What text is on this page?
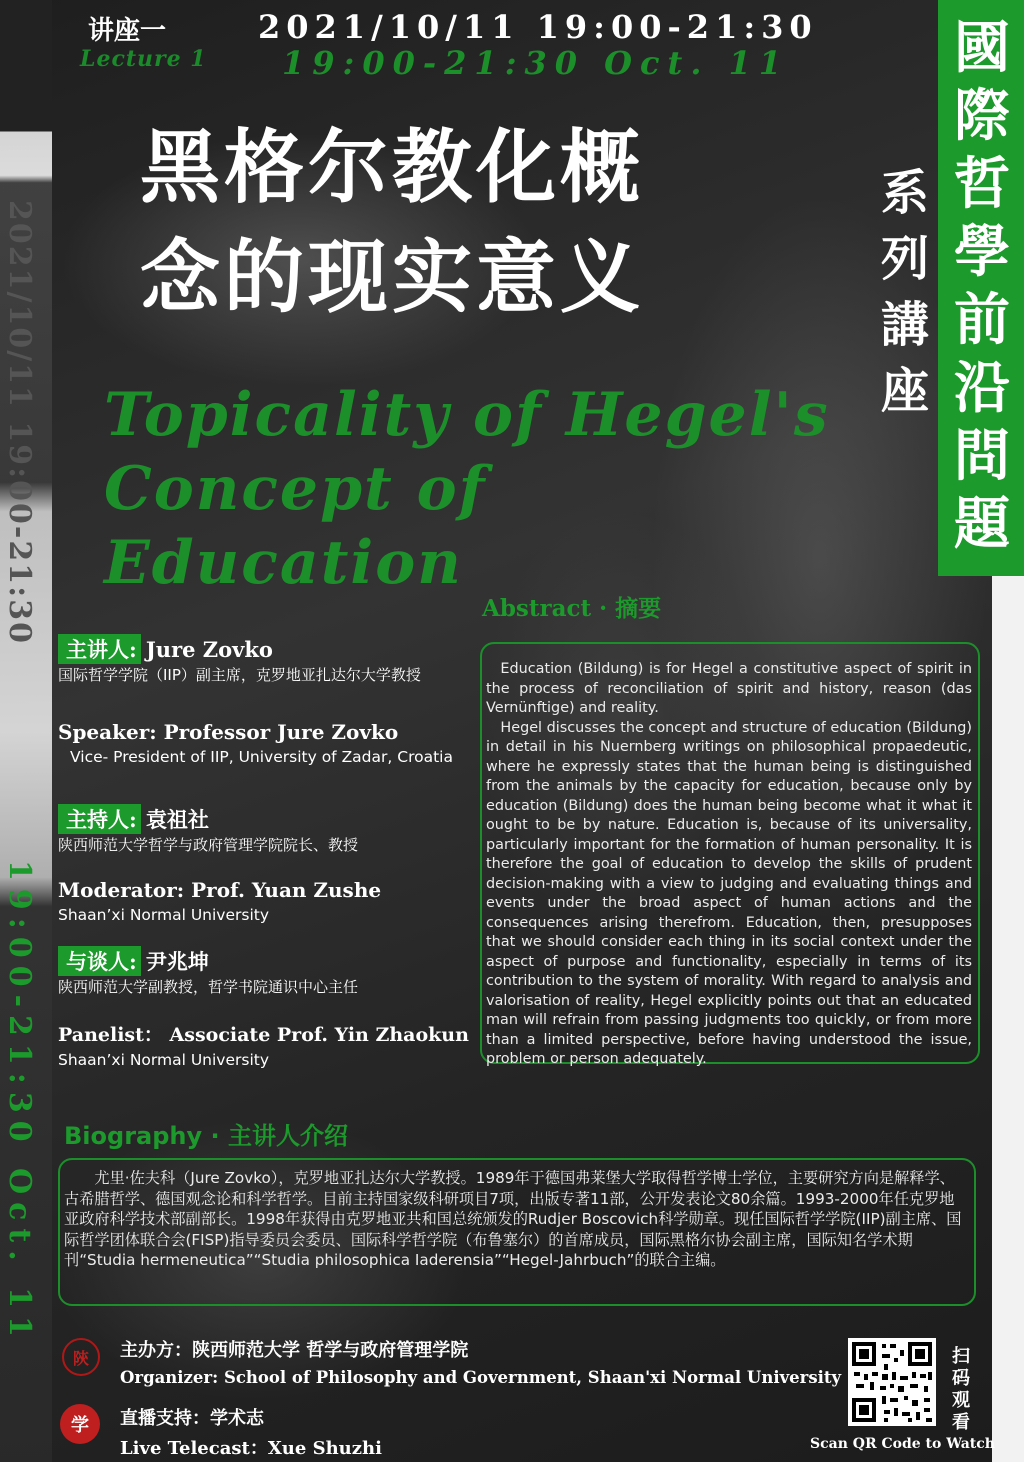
2021/10/11 19:00-21:30
19:00-21:30 Oct. 11
讲座一
Lecture 1
2021/10/11 19:00-21:30
19:00-21:30 Oct. 11
黑格尔教化概
念的现实意义
Topicality of Hegel's
Concept of Education
國
際
哲
學
前
沿
問
題
系
列
講
座
主讲人: Jure Zovko
国际哲学学院（IIP）副主席，克罗地亚扎达尔大学教授
Speaker: Professor Jure Zovko
Vice- President of IIP, University of Zadar, Croatia
主持人: 袁祖社
陕西师范大学哲学与政府管理学院院长、教授
Moderator: Prof. Yuan Zushe
Shaan’xi Normal University
与谈人: 尹兆坤
陕西师范大学副教授，哲学书院通识中心主任
Panelist： Associate Prof. Yin Zhaokun
Shaan’xi Normal University
Abstract · 摘要

Education (Bildung) is for Hegel a constitutive aspect of spirit in the process of reconciliation of spirit and history, reason (das Vernünftige) and reality.

Hegel discusses the concept and structure of education (Bildung) in detail in his Nuernberg writings on philosophical propaedeutic, where he expressly states that the human being is distinguished from the animals by the capacity for education, because only by education (Bildung) does the human being become what it what it ought to be by nature. Education is, because of its universality, particularly important for the formation of human personality. It is therefore the goal of education to develop the skills of prudent decision-making with a view to judging and evaluating things and events under the broad aspect of human actions and the consequences arising therefrom. Education, then, presupposes that we should consider each thing in its social context under the aspect of purpose and functionality, especially in terms of its contribution to the system of morality. With regard to analysis and valorisation of reality, Hegel explicitly points out that an educated man will refrain from passing judgments too quickly, or from more than a limited perspective, before having understood the issue, problem or person adequately.

Biography · 主讲人介绍

尤里·佐夫科（Jure Zovko），克罗地亚扎达尔大学教授。1989年于德国弗莱堡大学取得哲学博士学位，主要研究方向是解释学、古希腊哲学、德国观念论和科学哲学。目前主持国家级科研项目7项，出版专著11部，公开发表论文80余篇。1993-2000年任克罗地亚政府科学技术部副部长。1998年获得由克罗地亚共和国总统颁发的Rudjer Boscovich科学勋章。现任国际哲学学院(IIP)副主席、国际哲学团体联合会(FISP)指导委员会委员、国际科学哲学院（布鲁塞尔）的首席成员，国际黑格尔协会副主席，国际知名学术期刊“Studia hermeneutica”“Studia philosophica Iaderensia”“Hegel-Jahrbuch”的联合主编。

陝	主办方：陕西师范大学 哲学与政府管理学院
Organizer: School of Philosophy and Government, Shaan'xi Normal University
学	直播支持：学术志
Live Telecast：Xue Shuzhi
扫
码
观
看
Scan QR Code to Watch
